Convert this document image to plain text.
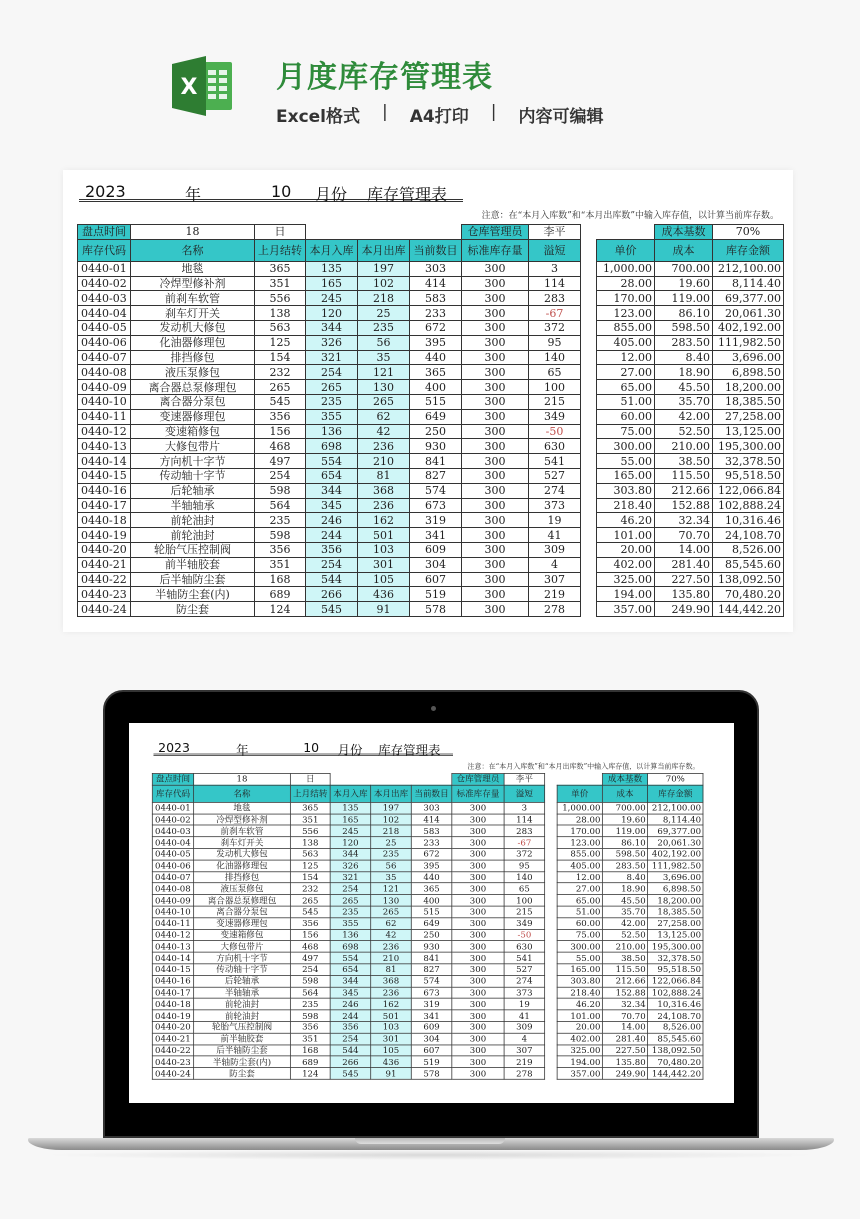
X	月度库存管理表
Excel格式 | A4打印 | 内容可编辑
2023	年	10 月份 库存管理表
注意：在“本月入库数”和“本月出库数”中输入库存值，以计算当前库存数。
盘点时间	18	日				仓库管理员	李平			成本基数	70%
库存代码	名称	上月结转	本月入库	本月出库	当前数目	标准库存量	溢短		单价	成本	库存金额
0440-01	地毯	365	135	197	303	300	3		1,000.00	700.00	212,100.00
0440-02	冷焊型修补剂	351	165	102	414	300	114		28.00	19.60	8,114.40
0440-03	前刹车软管	556	245	218	583	300	283		170.00	119.00	69,377.00
0440-04	刹车灯开关	138	120	25	233	300	-67		123.00	86.10	20,061.30
0440-05	发动机大修包	563	344	235	672	300	372		855.00	598.50	402,192.00
0440-06	化油器修理包	125	326	56	395	300	95		405.00	283.50	111,982.50
0440-07	排挡修包	154	321	35	440	300	140		12.00	8.40	3,696.00
0440-08	液压泵修包	232	254	121	365	300	65		27.00	18.90	6,898.50
0440-09	离合器总泵修理包	265	265	130	400	300	100		65.00	45.50	18,200.00
0440-10	离合器分泵包	545	235	265	515	300	215		51.00	35.70	18,385.50
0440-11	变速器修理包	356	355	62	649	300	349		60.00	42.00	27,258.00
0440-12	变速箱修包	156	136	42	250	300	-50		75.00	52.50	13,125.00
0440-13	大修包带片	468	698	236	930	300	630		300.00	210.00	195,300.00
0440-14	方向机十字节	497	554	210	841	300	541		55.00	38.50	32,378.50
0440-15	传动轴十字节	254	654	81	827	300	527		165.00	115.50	95,518.50
0440-16	后轮轴承	598	344	368	574	300	274		303.80	212.66	122,066.84
0440-17	半轴轴承	564	345	236	673	300	373		218.40	152.88	102,888.24
0440-18	前轮油封	235	246	162	319	300	19		46.20	32.34	10,316.46
0440-19	前轮油封	598	244	501	341	300	41		101.00	70.70	24,108.70
0440-20	轮胎气压控制阀	356	356	103	609	300	309		20.00	14.00	8,526.00
0440-21	前半轴胶套	351	254	301	304	300	4		402.00	281.40	85,545.60
0440-22	后半轴防尘套	168	544	105	607	300	307		325.00	227.50	138,092.50
0440-23	半轴防尘套(内)	689	266	436	519	300	219		194.00	135.80	70,480.20
0440-24	防尘套	124	545	91	578	300	278		357.00	249.90	144,442.20
2023	年	10 月份 库存管理表
注意：在“本月入库数”和“本月出库数”中输入库存值，以计算当前库存数。
盘点时间	18	日				仓库管理员	李平			成本基数	70%
库存代码	名称	上月结转	本月入库	本月出库	当前数目	标准库存量	溢短		单价	成本	库存金额
0440-01	地毯	365	135	197	303	300	3		1,000.00	700.00	212,100.00
0440-02	冷焊型修补剂	351	165	102	414	300	114		28.00	19.60	8,114.40
0440-03	前刹车软管	556	245	218	583	300	283		170.00	119.00	69,377.00
0440-04	刹车灯开关	138	120	25	233	300	-67		123.00	86.10	20,061.30
0440-05	发动机大修包	563	344	235	672	300	372		855.00	598.50	402,192.00
0440-06	化油器修理包	125	326	56	395	300	95		405.00	283.50	111,982.50
0440-07	排挡修包	154	321	35	440	300	140		12.00	8.40	3,696.00
0440-08	液压泵修包	232	254	121	365	300	65		27.00	18.90	6,898.50
0440-09	离合器总泵修理包	265	265	130	400	300	100		65.00	45.50	18,200.00
0440-10	离合器分泵包	545	235	265	515	300	215		51.00	35.70	18,385.50
0440-11	变速器修理包	356	355	62	649	300	349		60.00	42.00	27,258.00
0440-12	变速箱修包	156	136	42	250	300	-50		75.00	52.50	13,125.00
0440-13	大修包带片	468	698	236	930	300	630		300.00	210.00	195,300.00
0440-14	方向机十字节	497	554	210	841	300	541		55.00	38.50	32,378.50
0440-15	传动轴十字节	254	654	81	827	300	527		165.00	115.50	95,518.50
0440-16	后轮轴承	598	344	368	574	300	274		303.80	212.66	122,066.84
0440-17	半轴轴承	564	345	236	673	300	373		218.40	152.88	102,888.24
0440-18	前轮油封	235	246	162	319	300	19		46.20	32.34	10,316.46
0440-19	前轮油封	598	244	501	341	300	41		101.00	70.70	24,108.70
0440-20	轮胎气压控制阀	356	356	103	609	300	309		20.00	14.00	8,526.00
0440-21	前半轴胶套	351	254	301	304	300	4		402.00	281.40	85,545.60
0440-22	后半轴防尘套	168	544	105	607	300	307		325.00	227.50	138,092.50
0440-23	半轴防尘套(内)	689	266	436	519	300	219		194.00	135.80	70,480.20
0440-24	防尘套	124	545	91	578	300	278		357.00	249.90	144,442.20
